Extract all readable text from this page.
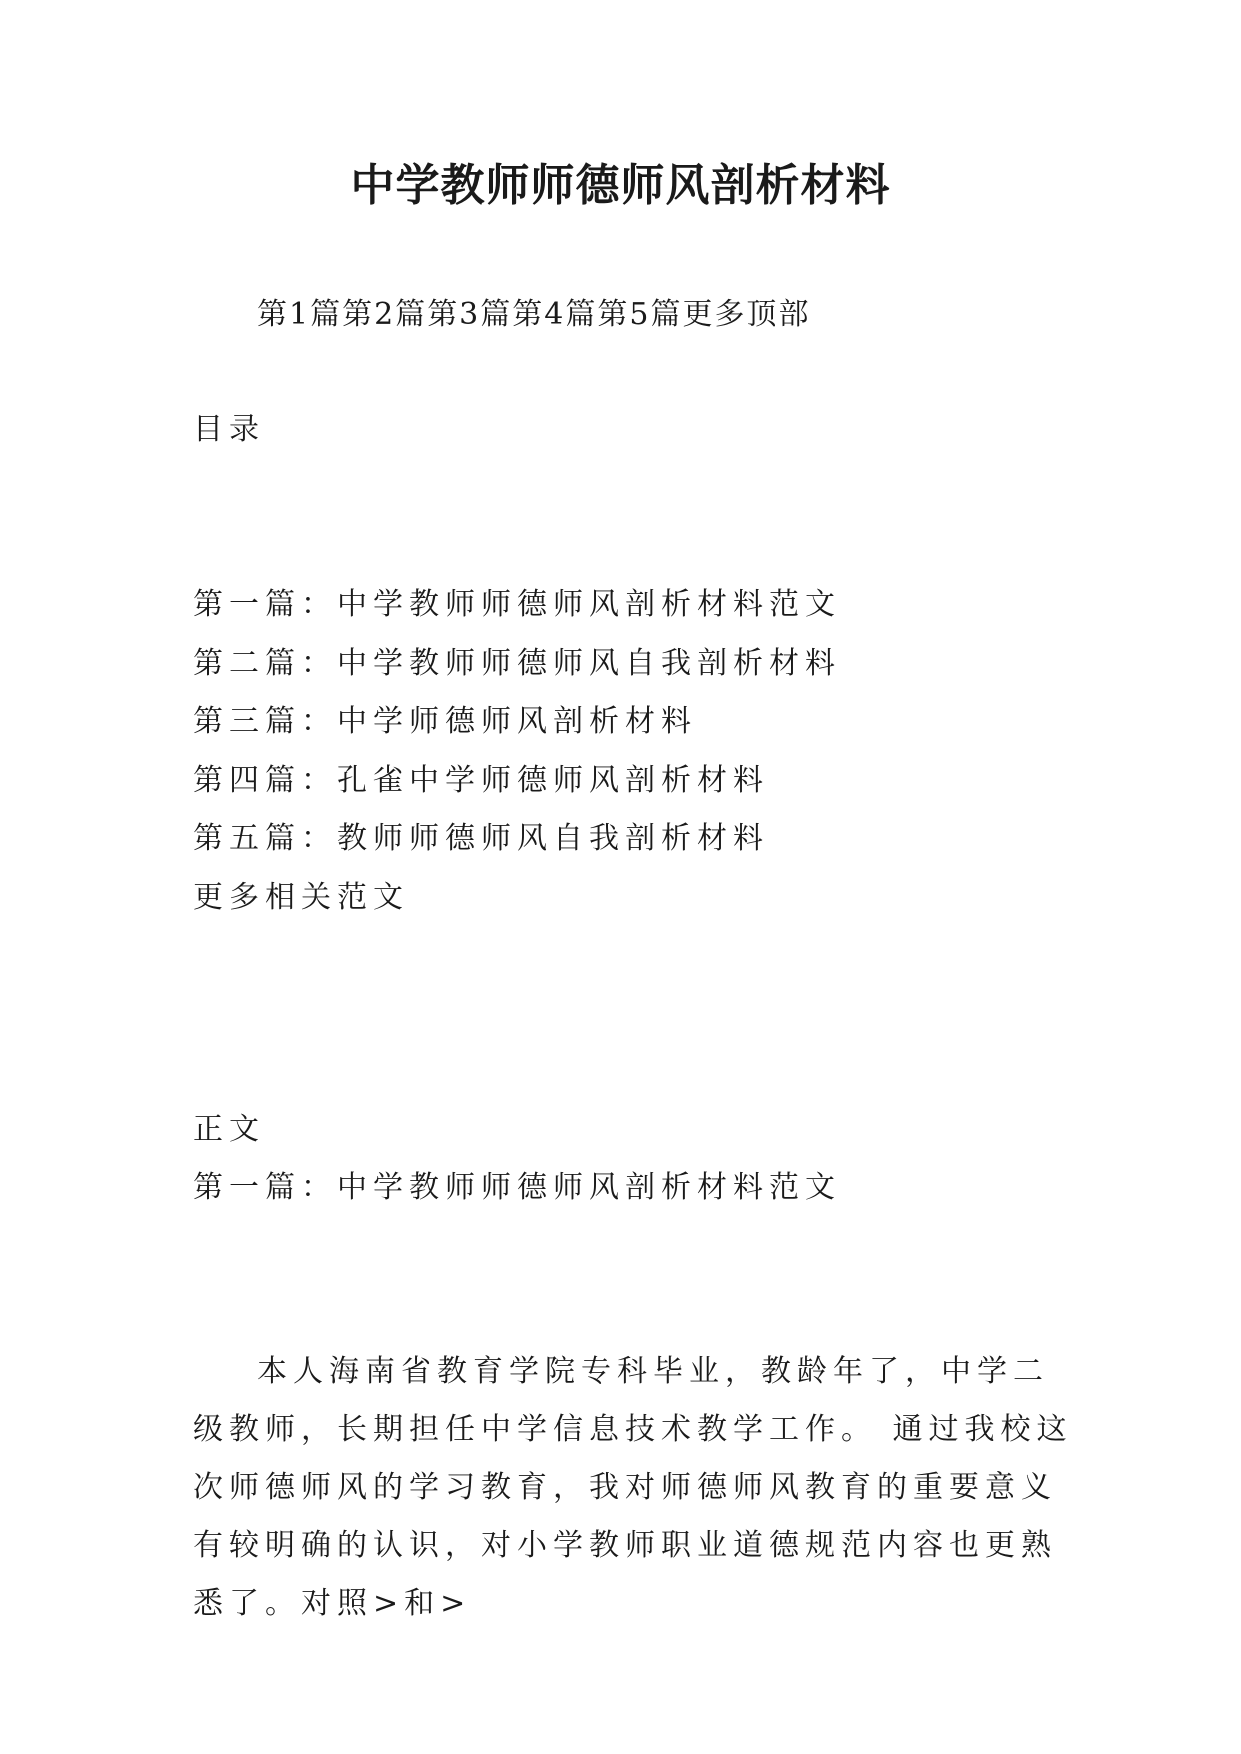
中学教师师德师风剖析材料
第1篇第2篇第3篇第4篇第5篇更多顶部

目录

第一篇：中学教师师德师风剖析材料范文
第二篇：中学教师师德师风自我剖析材料
第三篇：中学师德师风剖析材料
第四篇：孔雀中学师德师风剖析材料
第五篇：教师师德师风自我剖析材料
更多相关范文

正文

第一篇：中学教师师德师风剖析材料范文

本人海南省教育学院专科毕业，教龄年了，中学二级教师，长期担任中学信息技术教学工作。 通过我校这次师德师风的学习教育，我对师德师风教育的重要意义有较明确的认识，对小学教师职业道德规范内容也更熟悉了。对照>和>
